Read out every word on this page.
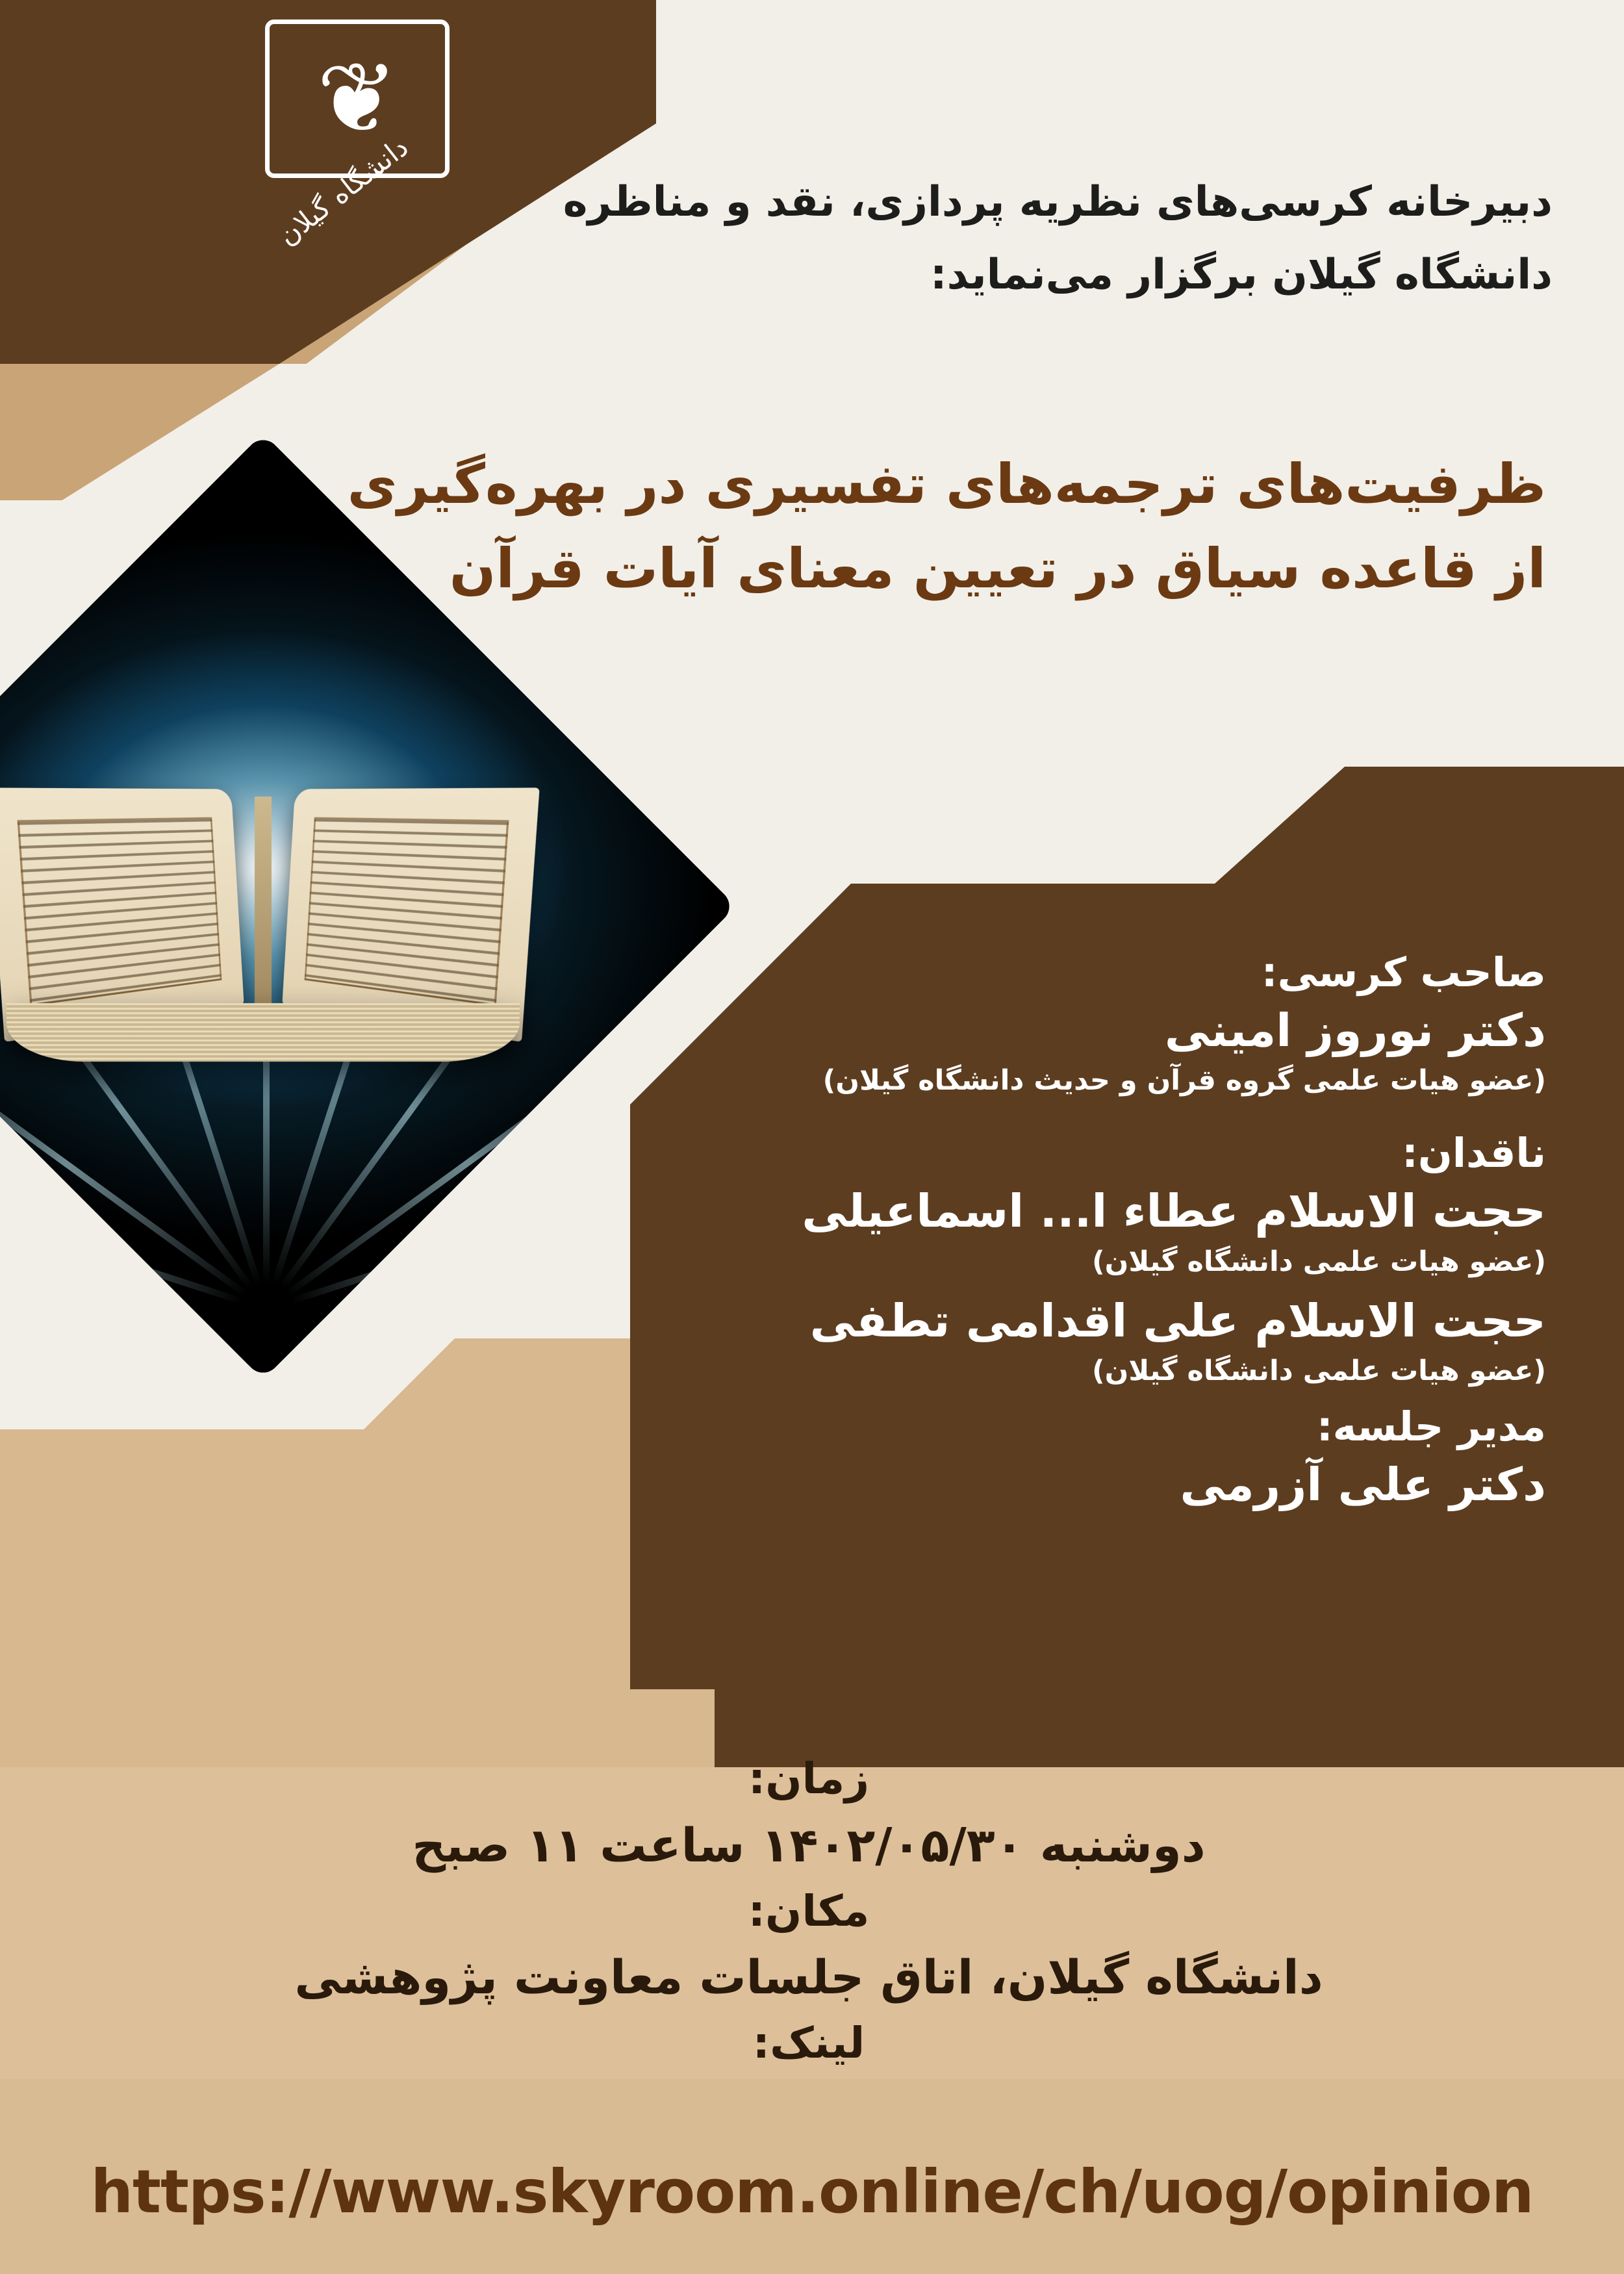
❦
دانشگاه گیلان	دبیرخانه کرسی‌های نظریه پردازی، نقد و مناظره
دانشگاه گیلان برگزار می‌نماید:
ظرفیت‌های ترجمه‌های تفسیری در بهره‌گیری
از قاعده سیاق در تعیین معنای آیات قرآن
صاحب کرسی:
دکتر نوروز امینی
(عضو هیات علمی گروه قرآن و حدیث دانشگاه گیلان)
ناقدان:
حجت الاسلام عطاء ا... اسماعیلی
(عضو هیات علمی دانشگاه گیلان)
حجت الاسلام علی اقدامی تطفی
(عضو هیات علمی دانشگاه گیلان)
مدیر جلسه:
دکتر علی آزرمی
زمان:
دوشنبه ۱۴۰۲/۰۵/۳۰ ساعت ۱۱ صبح
مکان:
دانشگاه گیلان، اتاق جلسات معاونت پژوهشی
لینک:
https://www.skyroom.online/ch/uog/opinion
